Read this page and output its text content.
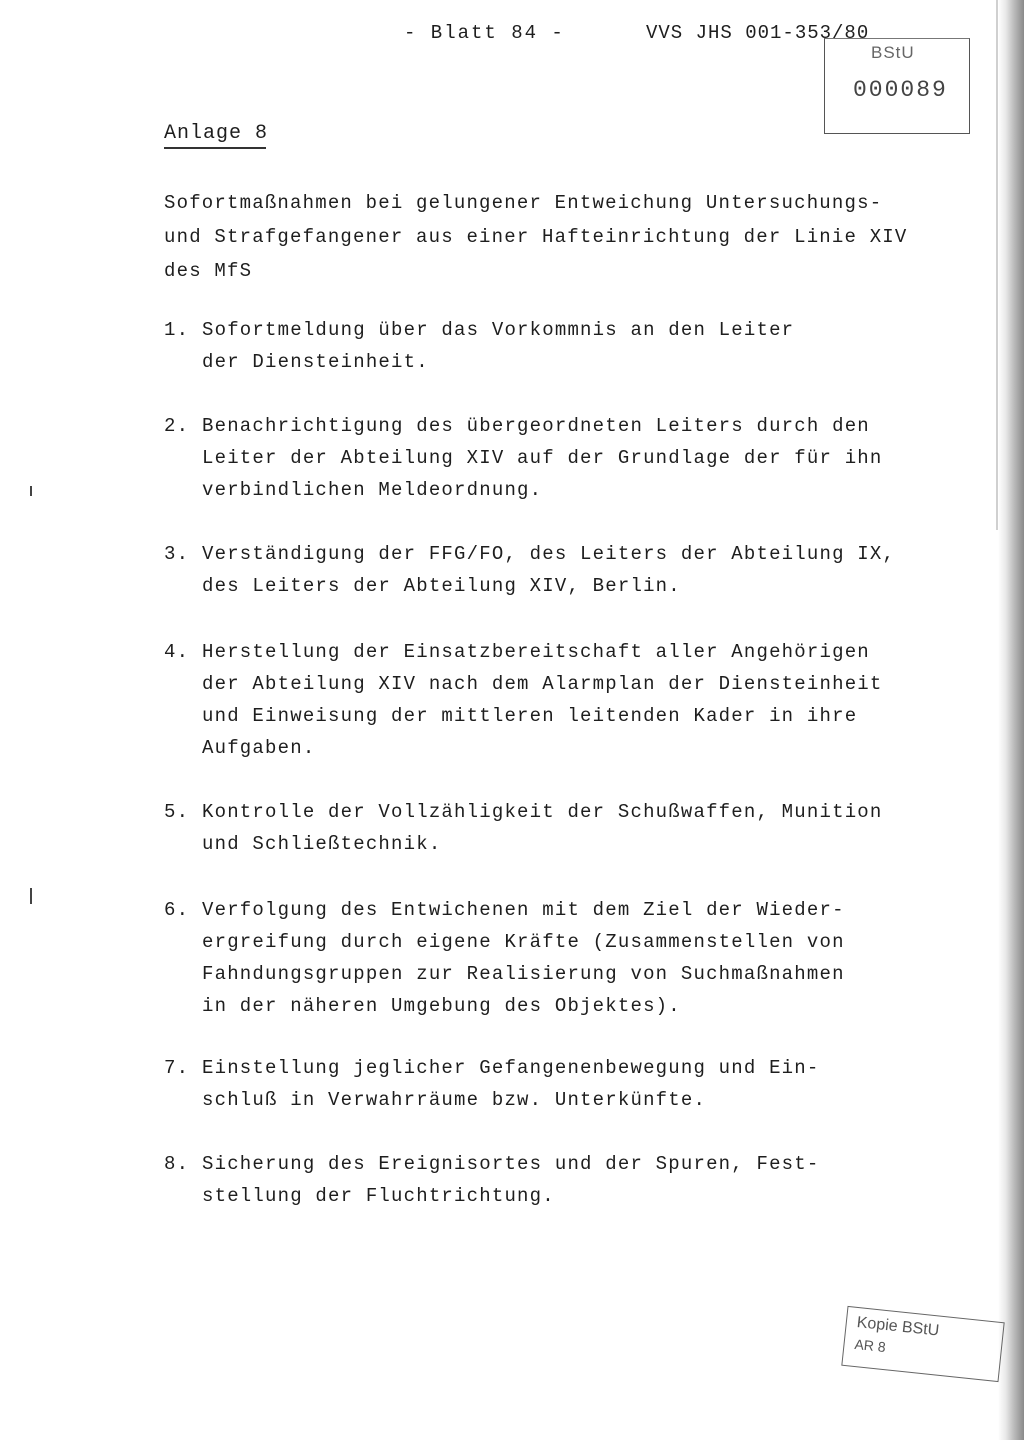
- Blatt 84 -	VVS JHS 001-353/80
BStU
000089
Anlage 8

Sofortmaßnahmen bei gelungener Entweichung Untersuchungs-

und Strafgefangener aus einer Hafteinrichtung der Linie XIV

des MfS

1. Sofortmeldung über das Vorkommnis an den Leiter

der Diensteinheit.

2. Benachrichtigung des übergeordneten Leiters durch den

Leiter der Abteilung XIV auf der Grundlage der für ihn

verbindlichen Meldeordnung.

3. Verständigung der FFG/FO, des Leiters der Abteilung IX,

des Leiters der Abteilung XIV, Berlin.

4. Herstellung der Einsatzbereitschaft aller Angehörigen

der Abteilung XIV nach dem Alarmplan der Diensteinheit

und Einweisung der mittleren leitenden Kader in ihre

Aufgaben.

5. Kontrolle der Vollzähligkeit der Schußwaffen, Munition

und Schließtechnik.

6. Verfolgung des Entwichenen mit dem Ziel der Wieder-

ergreifung durch eigene Kräfte (Zusammenstellen von

Fahndungsgruppen zur Realisierung von Suchmaßnahmen

in der näheren Umgebung des Objektes).

7. Einstellung jeglicher Gefangenenbewegung und Ein-

schluß in Verwahrräume bzw. Unterkünfte.

8. Sicherung des Ereignisortes und der Spuren, Fest-

stellung der Fluchtrichtung.

Kopie BStU
AR 8
